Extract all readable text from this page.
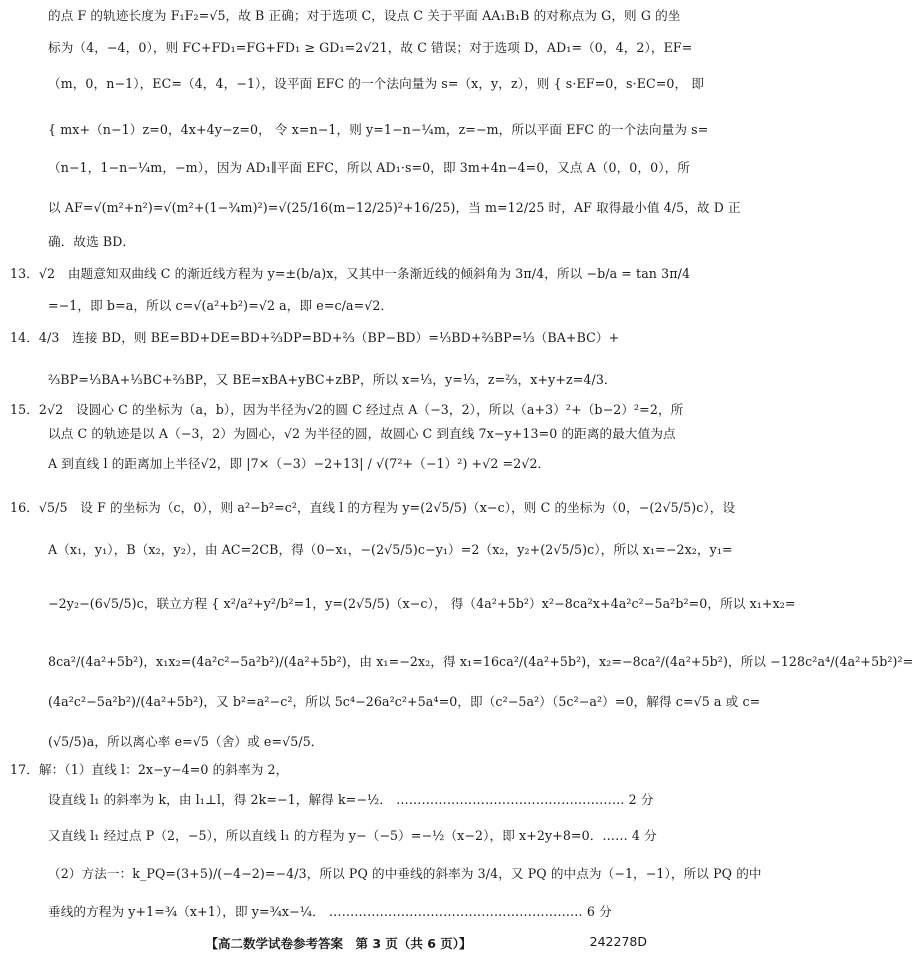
的点 F 的轨迹长度为 F₁F₂=√5，故 B 正确；对于选项 C，设点 C 关于平面 AA₁B₁B 的对称点为 G，则 G 的坐
标为（4，−4，0），则 FC+FD₁=FG+FD₁ ≥ GD₁=2√21，故 C 错误；对于选项 D，AD₁=（0，4，2），EF=
（m，0，n−1），EC=（4，4，−1），设平面 EFC 的一个法向量为 s=（x，y，z），则 { s·EF=0，s·EC=0， 即
{ mx+（n−1）z=0，4x+4y−z=0， 令 x=n−1，则 y=1−n−¼m，z=−m，所以平面 EFC 的一个法向量为 s=
（n−1，1−n−¼m，−m），因为 AD₁∥平面 EFC，所以 AD₁·s=0，即 3m+4n−4=0，又点 A（0，0，0），所
以 AF=√(m²+n²)=√(m²+(1−¾m)²)=√(25/16(m−12/25)²+16/25)，当 m=12/25 时，AF 取得最小值 4/5，故 D 正
确．故选 BD．
13．√2　由题意知双曲线 C 的渐近线方程为 y=±(b/a)x，又其中一条渐近线的倾斜角为 3π/4，所以 −b/a = tan 3π/4
=−1，即 b=a，所以 c=√(a²+b²)=√2 a，即 e=c/a=√2．
14．4/3　连接 BD，则 BE=BD+DE=BD+⅔DP=BD+⅔（BP−BD）=⅓BD+⅔BP=⅓（BA+BC）+
⅔BP=⅓BA+⅓BC+⅔BP，又 BE=xBA+yBC+zBP，所以 x=⅓，y=⅓，z=⅔，x+y+z=4/3．
15．2√2　设圆心 C 的坐标为（a，b），因为半径为√2的圆 C 经过点 A（−3，2），所以（a+3）²+（b−2）²=2，所
以点 C 的轨迹是以 A（−3，2）为圆心，√2 为半径的圆，故圆心 C 到直线 7x−y+13=0 的距离的最大值为点
A 到直线 l 的距离加上半径√2，即 |7×（−3）−2+13| / √(7²+（−1）²) +√2 =2√2．
16．√5/5　设 F 的坐标为（c，0），则 a²−b²=c²，直线 l 的方程为 y=(2√5/5)（x−c），则 C 的坐标为（0，−(2√5/5)c），设
A（x₁，y₁），B（x₂，y₂），由 AC=2CB，得（0−x₁，−(2√5/5)c−y₁）=2（x₂，y₂+(2√5/5)c），所以 x₁=−2x₂，y₁=
−2y₂−(6√5/5)c，联立方程 { x²/a²+y²/b²=1，y=(2√5/5)（x−c）， 得（4a²+5b²）x²−8ca²x+4a²c²−5a²b²=0，所以 x₁+x₂=
8ca²/(4a²+5b²)，x₁x₂=(4a²c²−5a²b²)/(4a²+5b²)，由 x₁=−2x₂，得 x₁=16ca²/(4a²+5b²)，x₂=−8ca²/(4a²+5b²)，所以 −128c²a⁴/(4a²+5b²)²=
(4a²c²−5a²b²)/(4a²+5b²)，又 b²=a²−c²，所以 5c⁴−26a²c²+5a⁴=0，即（c²−5a²）（5c²−a²）=0，解得 c=√5 a 或 c=
(√5/5)a，所以离心率 e=√5（舍）或 e=√5/5．
17．解：（1）直线 l：2x−y−4=0 的斜率为 2，
设直线 l₁ 的斜率为 k，由 l₁⊥l，得 2k=−1，解得 k=−½． ……………………………………………… 2 分
又直线 l₁ 经过点 P（2，−5），所以直线 l₁ 的方程为 y−（−5）=−½（x−2），即 x+2y+8=0．…… 4 分
（2）方法一：k_PQ=(3+5)/(−4−2)=−4/3，所以 PQ 的中垂线的斜率为 3/4，又 PQ 的中点为（−1，−1），所以 PQ 的中
垂线的方程为 y+1=¾（x+1），即 y=¾x−¼． …………………………………………………… 6 分
【高二数学试卷参考答案　第 3 页（共 6 页）】	242278D
